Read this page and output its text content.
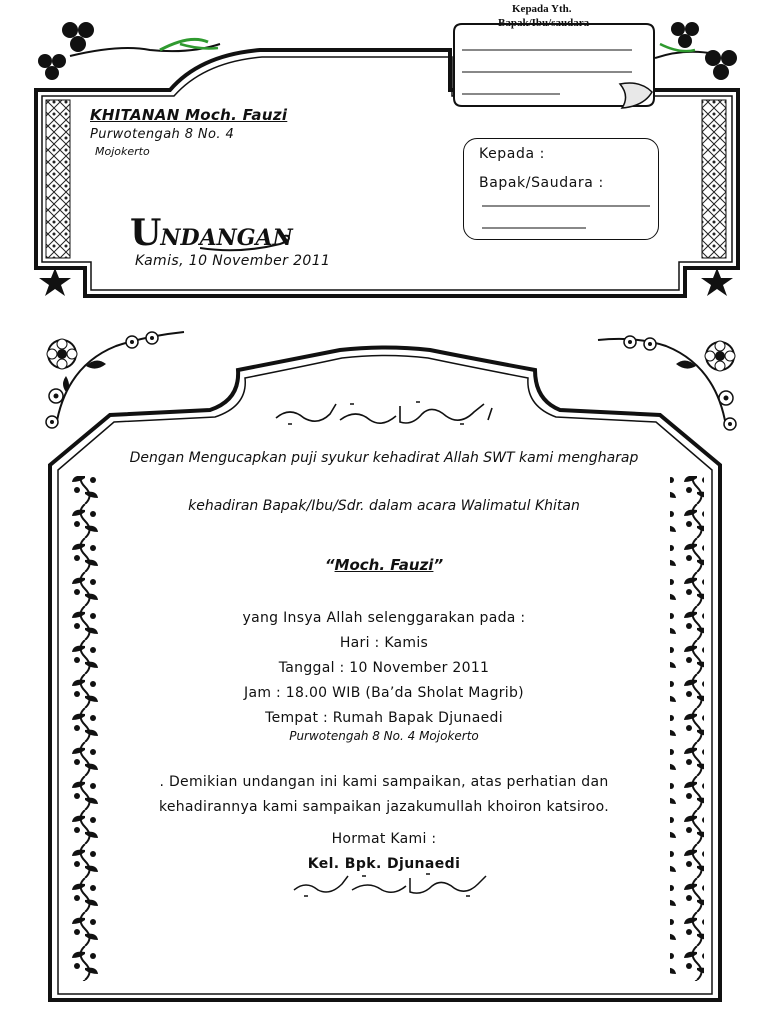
Kepada Yth.
Bapak/Ibu/saudara
KHITANAN Moch. Fauzi
Purwotengah 8 No. 4
Mojokerto
UNDANGAN
Kamis, 10 November 2011
Kepada :
Bapak/Saudara :
Dengan Mengucapkan puji syukur kehadirat Allah SWT kami mengharap
kehadiran Bapak/Ibu/Sdr. dalam acara Walimatul Khitan
“Moch. Fauzi”
yang Insya Allah selenggarakan pada :
Hari : Kamis
Tanggal : 10 November 2011
Jam : 18.00 WIB (Ba’da Sholat Magrib)
Tempat : Rumah Bapak Djunaedi
Purwotengah 8 No. 4 Mojokerto
. Demikian undangan ini kami sampaikan, atas perhatian dan kehadirannya kami sampaikan jazakumullah khoiron katsiroo.
Hormat Kami :
Kel. Bpk. Djunaedi
